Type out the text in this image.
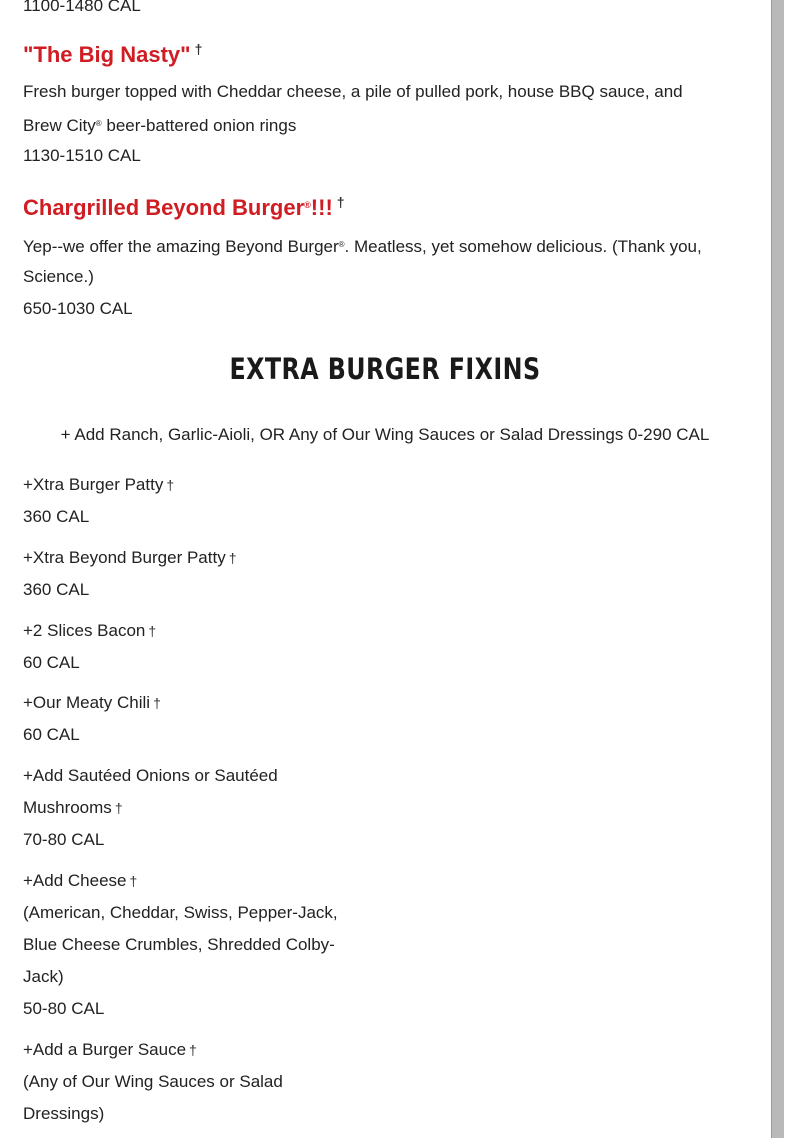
1100-1480 CAL
"The Big Nasty" †
Fresh burger topped with Cheddar cheese, a pile of pulled pork, house BBQ sauce, and
Brew City® beer-battered onion rings
1130-1510 CAL
Chargrilled Beyond Burger®!!! †
Yep--we offer the amazing Beyond Burger®. Meatless, yet somehow delicious. (Thank you,
Science.)
650-1030 CAL
EXTRA BURGER FIXINS
+ Add Ranch, Garlic-Aioli, OR Any of Our Wing Sauces or Salad Dressings 0-290 CAL
+Xtra Burger Patty †
360 CAL
+Xtra Beyond Burger Patty †
360 CAL
+2 Slices Bacon †
60 CAL
+Our Meaty Chili †
60 CAL
+Add Sautéed Onions or Sautéed
Mushrooms †
70-80 CAL
+Add Cheese †
(American, Cheddar, Swiss, Pepper-Jack,
Blue Cheese Crumbles, Shredded Colby-
Jack)
50-80 CAL
+Add a Burger Sauce †
(Any of Our Wing Sauces or Salad
Dressings)
